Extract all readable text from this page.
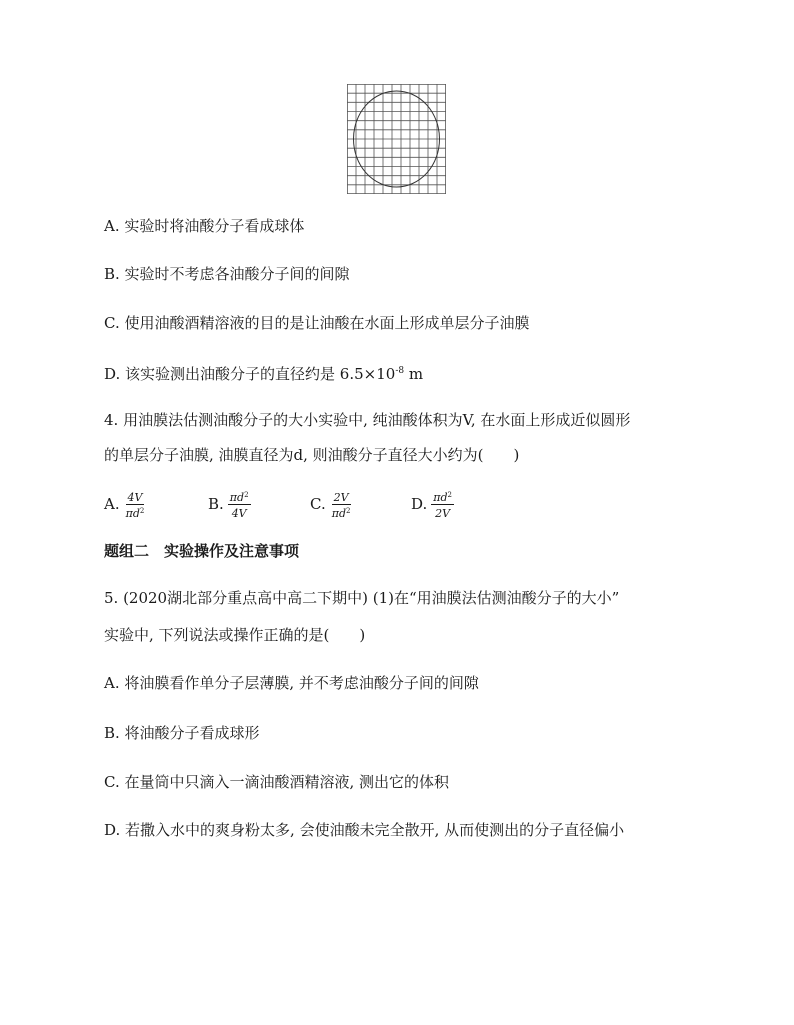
A. 实验时将油酸分子看成球体
B. 实验时不考虑各油酸分子间的间隙
C. 使用油酸酒精溶液的目的是让油酸在水面上形成单层分子油膜
D. 该实验测出油酸分子的直径约是 $6.5\times 10^{-8}$ m
4. 用油膜法估测油酸分子的大小实验中, 纯油酸体积为V, 在水面上形成近似圆形
的单层分子油膜, 油膜直径为d, 则油酸分子直径大小约为(　　)
A. $\frac{4V}{\pi d^2}$	B. $\frac{\pi d^2}{4V}$	C. $\frac{2V}{\pi d^2}$	D. $\frac{\pi d^2}{2V}$
题组二　实验操作及注意事项
5. (2020湖北部分重点高中高二下期中) (1)在“用油膜法估测油酸分子的大小”
实验中, 下列说法或操作正确的是(　　)
A. 将油膜看作单分子层薄膜, 并不考虑油酸分子间的间隙
B. 将油酸分子看成球形
C. 在量筒中只滴入一滴油酸酒精溶液, 测出它的体积
D. 若撒入水中的爽身粉太多, 会使油酸未完全散开, 从而使测出的分子直径偏小
